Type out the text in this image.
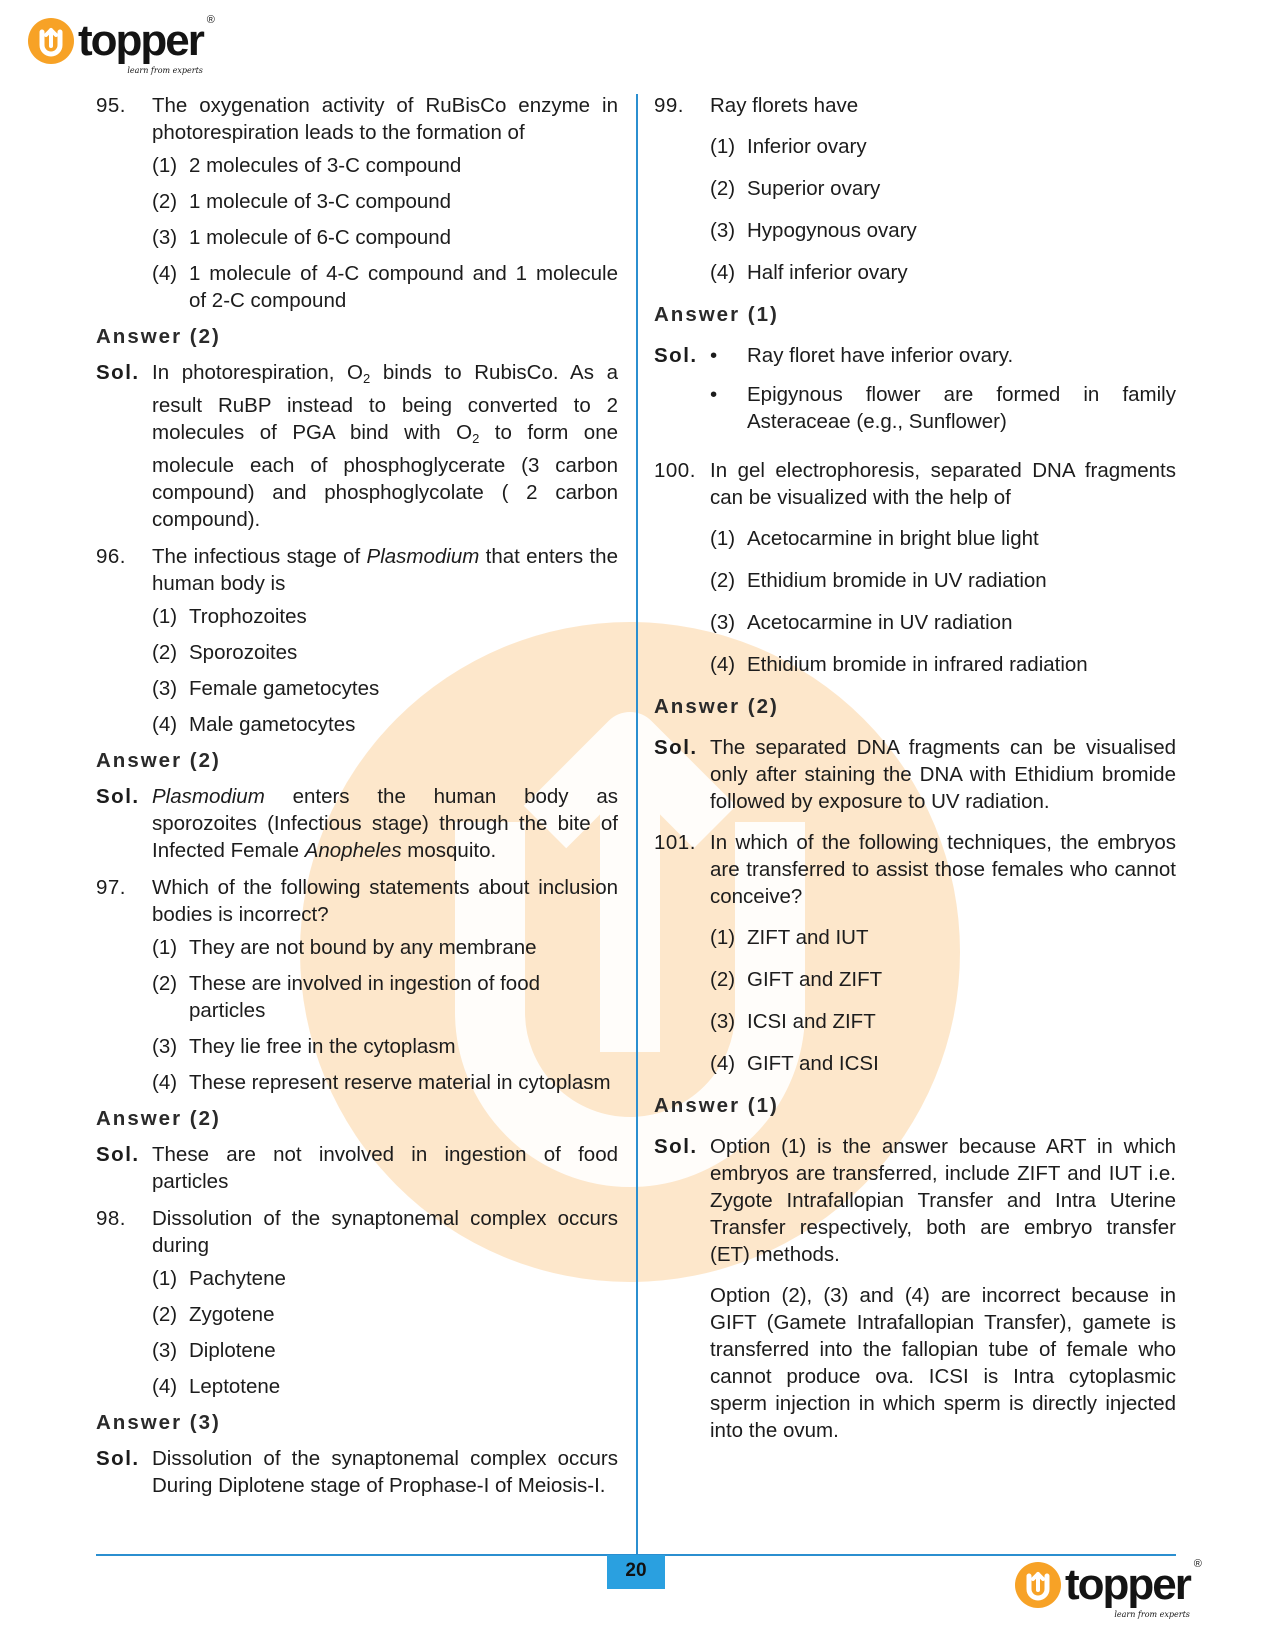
topper ®
learn from experts
95.	The oxygenation activity of RuBisCo enzyme in photorespiration leads to the formation of
(1) 2 molecules of 3-C compound
(2) 1 molecule of 3-C compound
(3) 1 molecule of 6-C compound
(4) 1 molecule of 4-C compound and 1 molecule of 2-C compound
Answer (2)
Sol. In photorespiration, $O_2$ binds to RubisCo. As a result RuBP instead to being converted to 2 molecules of PGA bind with $O_2$ to form one molecule each of phosphoglycerate (3 carbon compound) and phosphoglycolate ( 2 carbon compound).
96.	The infectious stage of Plasmodium that enters the human body is
(1) Trophozoites
(2) Sporozoites
(3) Female gametocytes
(4) Male gametocytes
Answer (2)
Sol. Plasmodium enters the human body as sporozoites (Infectious stage) through the bite of Infected Female Anopheles mosquito.
97.	Which of the following statements about inclusion bodies is incorrect?
(1) They are not bound by any membrane
(2) These are involved in ingestion of food particles
(3) They lie free in the cytoplasm
(4) These represent reserve material in cytoplasm
Answer (2)
Sol. These are not involved in ingestion of food particles
98.	Dissolution of the synaptonemal complex occurs during
(1) Pachytene
(2) Zygotene
(3) Diplotene
(4) Leptotene
Answer (3)
Sol. Dissolution of the synaptonemal complex occurs During Diplotene stage of Prophase-I of Meiosis-I.
99.	Ray florets have
(1) Inferior ovary
(2) Superior ovary
(3) Hypogynous ovary
(4) Half inferior ovary
Answer (1)
Sol. •	Ray floret have inferior ovary.
•	Epigynous flower are formed in family Asteraceae (e.g., Sunflower)
100. In gel electrophoresis, separated DNA fragments can be visualized with the help of
(1) Acetocarmine in bright blue light
(2) Ethidium bromide in UV radiation
(3) Acetocarmine in UV radiation
(4) Ethidium bromide in infrared radiation
Answer (2)
Sol. The separated DNA fragments can be visualised only after staining the DNA with Ethidium bromide followed by exposure to UV radiation.
101. In which of the following techniques, the embryos are transferred to assist those females who cannot conceive?
(1) ZIFT and IUT
(2) GIFT and ZIFT
(3) ICSI and ZIFT
(4) GIFT and ICSI
Answer (1)
Sol. Option (1) is the answer because ART in which embryos are transferred, include ZIFT and IUT i.e. Zygote Intrafallopian Transfer and Intra Uterine Transfer respectively, both are embryo transfer (ET) methods.
Option (2), (3) and (4) are incorrect because in GIFT (Gamete Intrafallopian Transfer), gamete is transferred into the fallopian tube of female who cannot produce ova. ICSI is Intra cytoplasmic sperm injection in which sperm is directly injected into the ovum.
20	topper ®
learn from experts
